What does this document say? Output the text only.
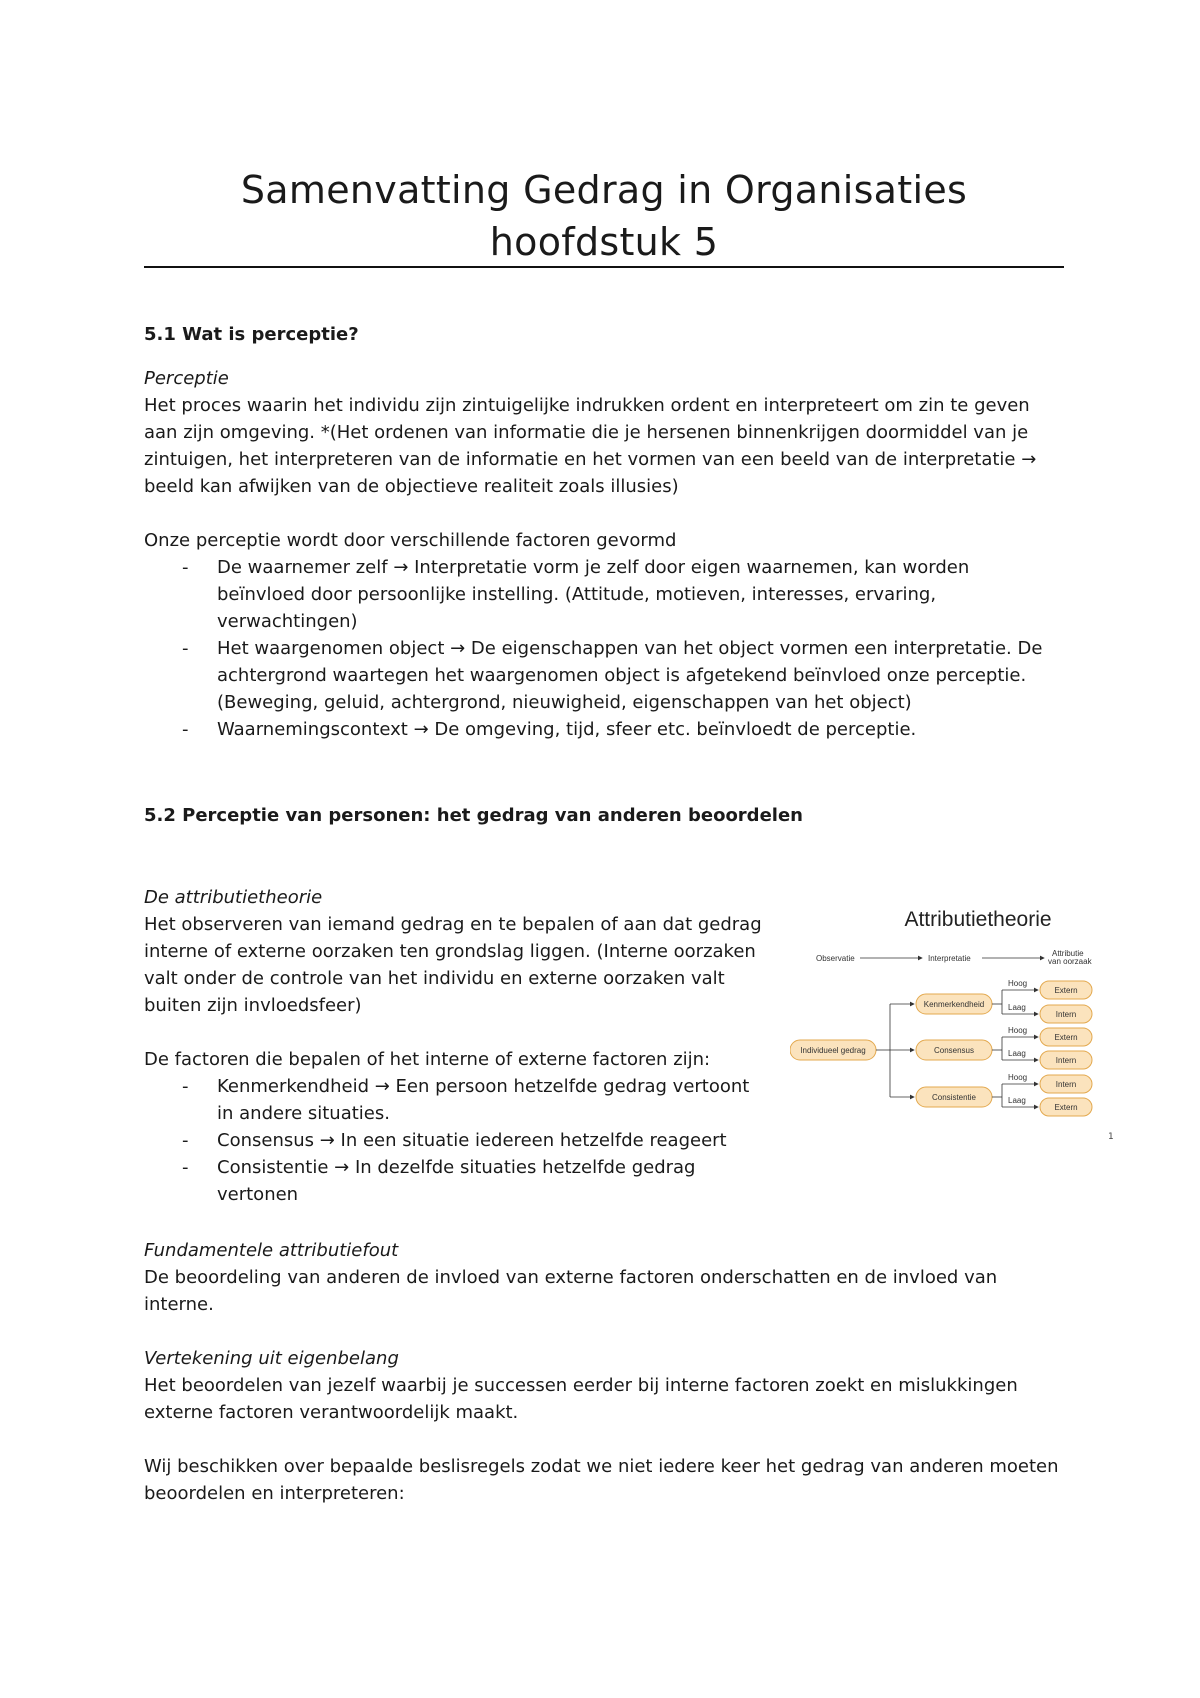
Samenvatting Gedrag in Organisaties
hoofdstuk 5
5.1 Wat is perceptie?
Perceptie
Het proces waarin het individu zijn zintuigelijke indrukken ordent en interpreteert om zin te geven
aan zijn omgeving. *(Het ordenen van informatie die je hersenen binnenkrijgen doormiddel van je
zintuigen, het interpreteren van de informatie en het vormen van een beeld van de interpretatie →
beeld kan afwijken van de objectieve realiteit zoals illusies)
Onze perceptie wordt door verschillende factoren gevormd
- De waarnemer zelf → Interpretatie vorm je zelf door eigen waarnemen, kan worden
beïnvloed door persoonlijke instelling. (Attitude, motieven, interesses, ervaring,
verwachtingen)
- Het waargenomen object → De eigenschappen van het object vormen een interpretatie. De
achtergrond waartegen het waargenomen object is afgetekend beïnvloed onze perceptie.
(Beweging, geluid, achtergrond, nieuwigheid, eigenschappen van het object)
- Waarnemingscontext → De omgeving, tijd, sfeer etc. beïnvloedt de perceptie.
5.2 Perceptie van personen: het gedrag van anderen beoordelen
De attributietheorie
Het observeren van iemand gedrag en te bepalen of aan dat gedrag
interne of externe oorzaken ten grondslag liggen. (Interne oorzaken
valt onder de controle van het individu en externe oorzaken valt
buiten zijn invloedsfeer)
De factoren die bepalen of het interne of externe factoren zijn:
- Kenmerkendheid → Een persoon hetzelfde gedrag vertoont
in andere situaties.
- Consensus → In een situatie iedereen hetzelfde reageert
- Consistentie → In dezelfde situaties hetzelfde gedrag
vertonen
Fundamentele attributiefout
De beoordeling van anderen de invloed van externe factoren onderschatten en de invloed van
interne.
Vertekening uit eigenbelang
Het beoordelen van jezelf waarbij je successen eerder bij interne factoren zoekt en mislukkingen
externe factoren verantwoordelijk maakt.
Wij beschikken over bepaalde beslisregels zodat we niet iedere keer het gedrag van anderen moeten
beoordelen en interpreteren:
Attributietheorie
Observatie	Interpretatie
Attributie
van oorzaak
Individueel gedrag
Kenmerkendheid
Consensus
Consistentie
Hoog
Laag
Hoog
Laag
Hoog
Laag
Extern
Intern
Extern
Intern
Intern
Extern
1
